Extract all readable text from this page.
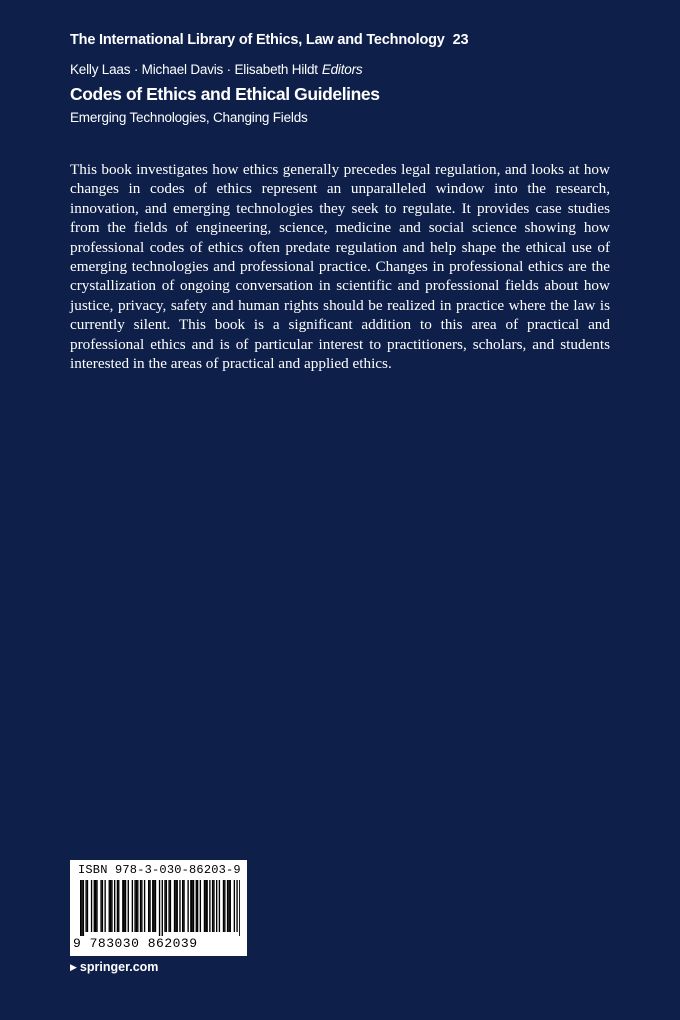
The International Library of Ethics, Law and Technology 23
Kelly Laas · Michael Davis · Elisabeth Hildt Editors
Codes of Ethics and Ethical Guidelines
Emerging Technologies, Changing Fields

This book investigates how ethics generally precedes legal regulation, and looks at how changes in codes of ethics represent an unparalleled window into the research, innovation, and emerging technologies they seek to regulate. It provides case studies from the fields of engineering, science, medicine and social science showing how professional codes of ethics often predate regulation and help shape the ethical use of emerging technologies and professional practice. Changes in professional ethics are the crystallization of ongoing conversation in scientific and professional fields about how justice, privacy, safety and human rights should be realized in practice where the law is currently silent. This book is a significant addition to this area of practical and professional ethics and is of particular interest to practitioners, scholars, and students interested in the areas of practical and applied ethics.

ISBN 978-3-030-86203-9
9 783030 862039
▶ springer.com
